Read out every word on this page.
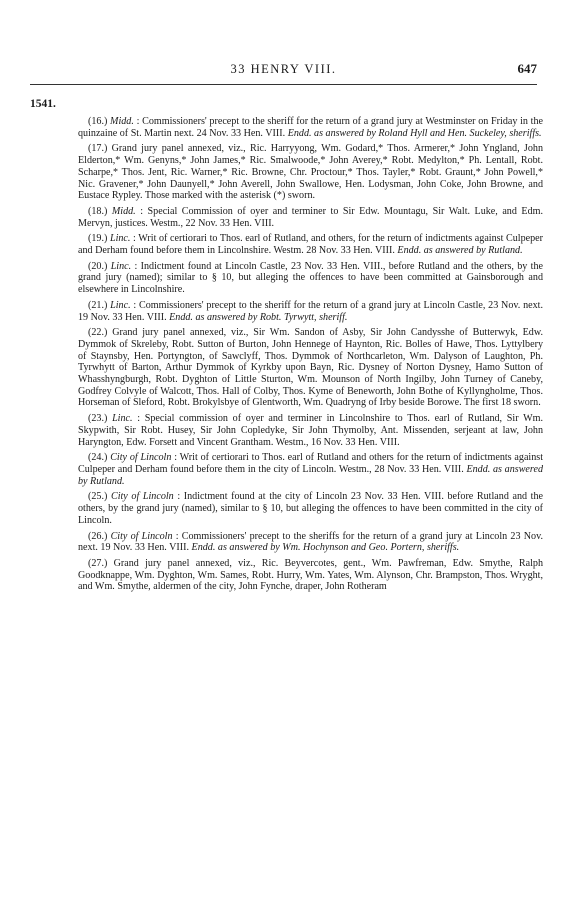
33 HENRY VIII.	647
1541.

(16.) Midd. : Commissioners' precept to the sheriff for the return of a grand jury at Westminster on Friday in the quinzaine of St. Martin next. 24 Nov. 33 Hen. VIII. Endd. as answered by Roland Hyll and Hen. Suckeley, sheriffs.

(17.) Grand jury panel annexed, viz., Ric. Harryyong, Wm. Godard,* Thos. Armerer,* John Yngland, John Elderton,* Wm. Genyns,* John James,* Ric. Smalwoode,* John Averey,* Robt. Medylton,* Ph. Lentall, Robt. Scharpe,* Thos. Jent, Ric. Warner,* Ric. Browne, Chr. Proctour,* Thos. Tayler,* Robt. Graunt,* John Powell,* Nic. Gravener,* John Daunyell,* John Averell, John Swallowe, Hen. Lodysman, John Coke, John Browne, and Eustace Rypley. Those marked with the asterisk (*) sworn.

(18.) Midd. : Special Commission of oyer and terminer to Sir Edw. Mountagu, Sir Walt. Luke, and Edm. Mervyn, justices. Westm., 22 Nov. 33 Hen. VIII.

(19.) Linc. : Writ of certiorari to Thos. earl of Rutland, and others, for the return of indictments against Culpeper and Derham found before them in Lincolnshire. Westm. 28 Nov. 33 Hen. VIII. Endd. as answered by Rutland.

(20.) Linc. : Indictment found at Lincoln Castle, 23 Nov. 33 Hen. VIII., before Rutland and the others, by the grand jury (named); similar to § 10, but alleging the offences to have been committed at Gainsborough and elsewhere in Lincolnshire.

(21.) Linc. : Commissioners' precept to the sheriff for the return of a grand jury at Lincoln Castle, 23 Nov. next. 19 Nov. 33 Hen. VIII. Endd. as answered by Robt. Tyrwytt, sheriff.

(22.) Grand jury panel annexed, viz., Sir Wm. Sandon of Asby, Sir John Candysshe of Butterwyk, Edw. Dymmok of Skreleby, Robt. Sutton of Burton, John Hennege of Haynton, Ric. Bolles of Hawe, Thos. Lyttylbery of Staynsby, Hen. Portyngton, of Sawclyff, Thos. Dymmok of Northcarleton, Wm. Dalyson of Laughton, Ph. Tyrwhytt of Barton, Arthur Dymmok of Kyrkby upon Bayn, Ric. Dysney of Norton Dysney, Hamo Sutton of Whasshyngburgh, Robt. Dyghton of Little Sturton, Wm. Mounson of North Ingilby, John Turney of Caneby, Godfrey Colvyle of Walcott, Thos. Hall of Colby, Thos. Kyme of Beneworth, John Bothe of Kyllyngholme, Thos. Horseman of Sleford, Robt. Brokylsbye of Glentworth, Wm. Quadryng of Irby beside Borowe. The first 18 sworn.

(23.) Linc. : Special commission of oyer and terminer in Lincolnshire to Thos. earl of Rutland, Sir Wm. Skypwith, Sir Robt. Husey, Sir John Copledyke, Sir John Thymolby, Ant. Missenden, serjeant at law, John Haryngton, Edw. Forsett and Vincent Grantham. Westm., 16 Nov. 33 Hen. VIII.

(24.) City of Lincoln : Writ of certiorari to Thos. earl of Rutland and others for the return of indictments against Culpeper and Derham found before them in the city of Lincoln. Westm., 28 Nov. 33 Hen. VIII. Endd. as answered by Rutland.

(25.) City of Lincoln : Indictment found at the city of Lincoln 23 Nov. 33 Hen. VIII. before Rutland and the others, by the grand jury (named), similar to § 10, but alleging the offences to have been committed in the city of Lincoln.

(26.) City of Lincoln : Commissioners' precept to the sheriffs for the return of a grand jury at Lincoln 23 Nov. next. 19 Nov. 33 Hen. VIII. Endd. as answered by Wm. Hochynson and Geo. Portern, sheriffs.

(27.) Grand jury panel annexed, viz., Ric. Beyvercotes, gent., Wm. Pawfreman, Edw. Smythe, Ralph Goodknappe, Wm. Dyghton, Wm. Sames, Robt. Hurry, Wm. Yates, Wm. Alynson, Chr. Brampston, Thos. Wryght, and Wm. Smythe, aldermen of the city, John Fynche, draper, John Rotheram
